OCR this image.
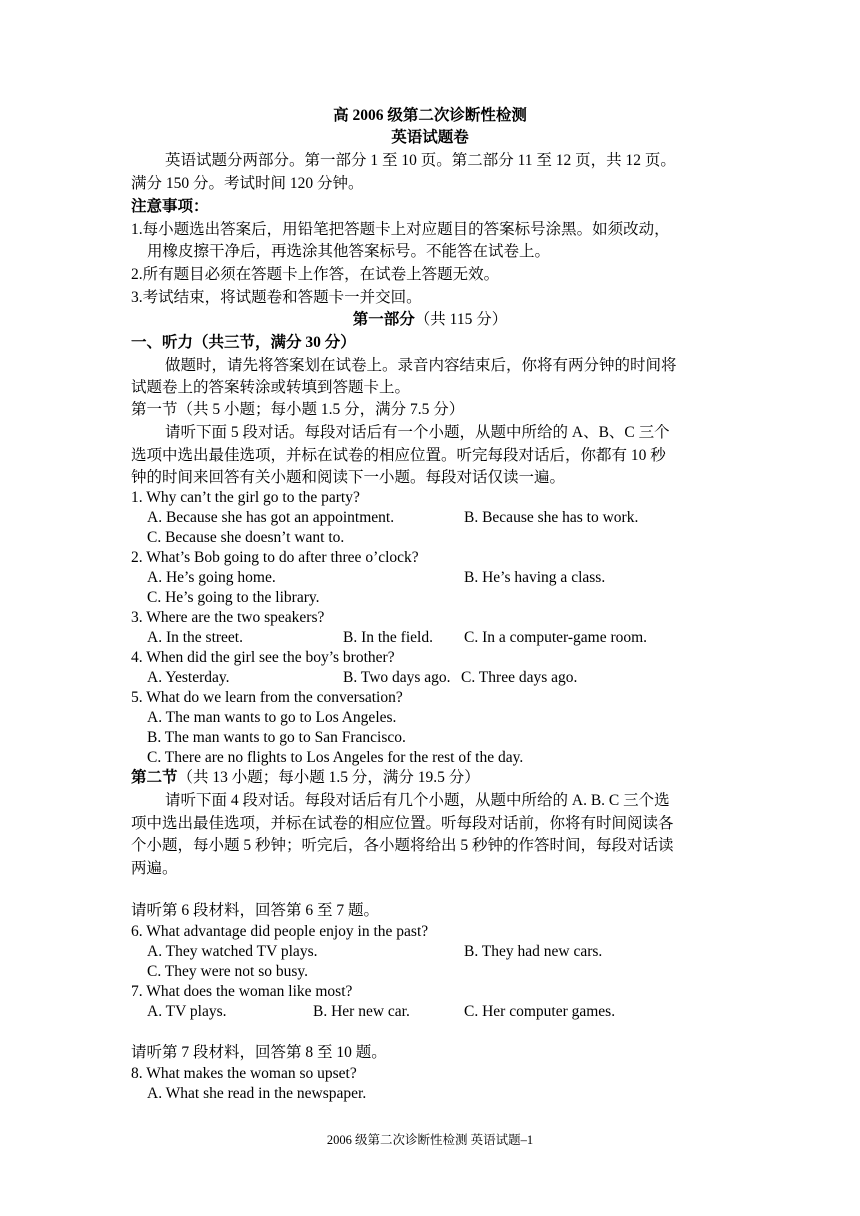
高 2006 级第二次诊断性检测
英语试题卷
英语试题分两部分。第一部分 1 至 10 页。第二部分 11 至 12 页，共 12 页。
满分 150 分。考试时间 120 分钟。
注意事项：
1.每小题选出答案后，用铅笔把答题卡上对应题目的答案标号涂黑。如须改动，
用橡皮擦干净后，再选涂其他答案标号。不能答在试卷上。
2.所有题目必须在答题卡上作答，在试卷上答题无效。
3.考试结束，将试题卷和答题卡一并交回。
第一部分（共 115 分）
一、听力（共三节，满分 30 分）
做题时，请先将答案划在试卷上。录音内容结束后，你将有两分钟的时间将
试题卷上的答案转涂或转填到答题卡上。
第一节（共 5 小题；每小题 1.5 分，满分 7.5 分）
请听下面 5 段对话。每段对话后有一个小题，从题中所给的 A、B、C 三个
选项中选出最佳选项，并标在试卷的相应位置。听完每段对话后，你都有 10 秒
钟的时间来回答有关小题和阅读下一小题。每段对话仅读一遍。
1. Why can’t the girl go to the party?
A. Because she has got an appointment.	B. Because she has to work.
C. Because she doesn’t want to.
2. What’s Bob going to do after three o’clock?
A. He’s going home.	B. He’s having a class.
C. He’s going to the library.
3. Where are the two speakers?
A. In the street.	B. In the field. C. In a computer-game room.
4. When did the girl see the boy’s brother?
A. Yesterday.	B. Two days ago. C. Three days ago.
5. What do we learn from the conversation?
A. The man wants to go to Los Angeles.
B. The man wants to go to San Francisco.
C. There are no flights to Los Angeles for the rest of the day.
第二节（共 13 小题；每小题 1.5 分，满分 19.5 分）
请听下面 4 段对话。每段对话后有几个小题，从题中所给的 A. B. C 三个选
项中选出最佳选项，并标在试卷的相应位置。听每段对话前，你将有时间阅读各
个小题，每小题 5 秒钟；听完后，各小题将给出 5 秒钟的作答时间，每段对话读
两遍。
请听第 6 段材料，回答第 6 至 7 题。
6. What advantage did people enjoy in the past?
A. They watched TV plays.	B. They had new cars.
C. They were not so busy.
7. What does the woman like most?
A. TV plays.	B. Her new car.	C. Her computer games.
请听第 7 段材料，回答第 8 至 10 题。
8. What makes the woman so upset?
A. What she read in the newspaper.
2006 级第二次诊断性检测 英语试题–1
